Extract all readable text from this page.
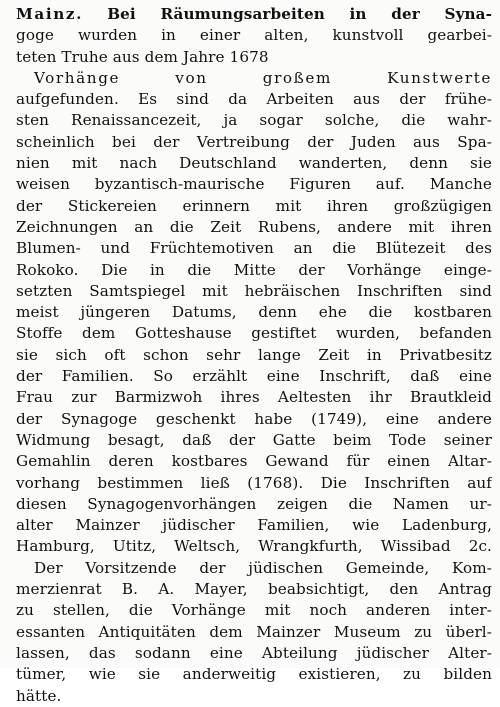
Mainz. Bei Räumungsarbeiten in der Syna-
goge wurden in einer alten, kunstvoll gearbei-
teten Truhe aus dem Jahre 1678
Vorhänge von großem Kunstwerte
aufgefunden. Es sind da Arbeiten aus der frühe-
sten Renaissancezeit, ja sogar solche, die wahr-
scheinlich bei der Vertreibung der Juden aus Spa-
nien mit nach Deutschland wanderten, denn sie
weisen byzantisch-maurische Figuren auf. Manche
der Stickereien erinnern mit ihren großzügigen
Zeichnungen an die Zeit Rubens, andere mit ihren
Blumen- und Früchtemotiven an die Blütezeit des
Rokoko. Die in die Mitte der Vorhänge einge-
setzten Samtspiegel mit hebräischen Inschriften sind
meist jüngeren Datums, denn ehe die kostbaren
Stoffe dem Gotteshause gestiftet wurden, befanden
sie sich oft schon sehr lange Zeit in Privatbesitz
der Familien. So erzählt eine Inschrift, daß eine
Frau zur Barmizwoh ihres Aeltesten ihr Brautkleid
der Synagoge geschenkt habe (1749), eine andere
Widmung besagt, daß der Gatte beim Tode seiner
Gemahlin deren kostbares Gewand für einen Altar-
vorhang bestimmen ließ (1768). Die Inschriften auf
diesen Synagogenvorhängen zeigen die Namen ur-
alter Mainzer jüdischer Familien, wie Ladenburg,
Hamburg, Utitz, Weltsch, Wrangkfurth, Wissibad 2c.
Der Vorsitzende der jüdischen Gemeinde, Kom-
merzienrat B. A. Mayer, beabsichtigt, den Antrag
zu stellen, die Vorhänge mit noch anderen inter-
essanten Antiquitäten dem Mainzer Museum zu überl-
lassen, das sodann eine Abteilung jüdischer Alter-
tümer, wie sie anderweitig existieren, zu bilden
hätte.
